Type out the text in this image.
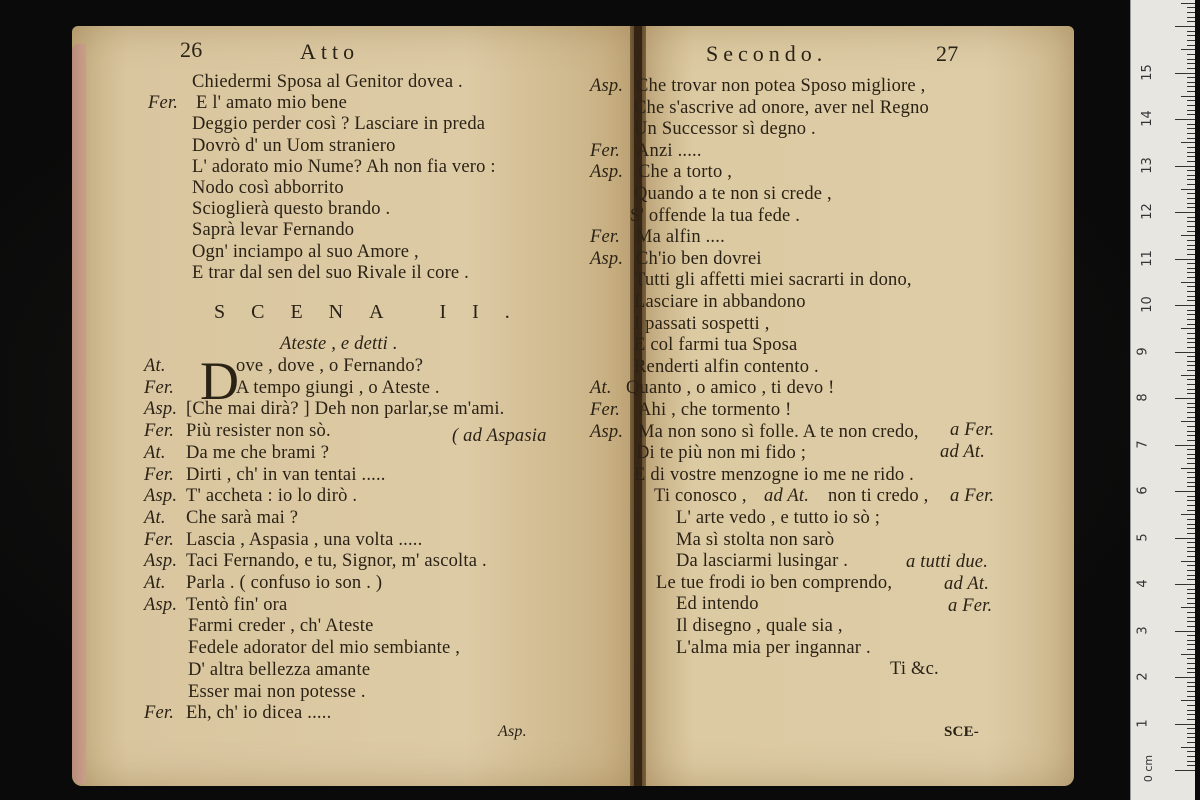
26	Atto
Chiedermi Sposa al Genitor dovea .
Fer. E l' amato mio bene
Deggio perder così ? Lasciare in preda
Dovrò d' un Uom straniero
L' adorato mio Nume? Ah non fia vero :
Nodo così abborrito
Scioglierà questo brando .
Saprà levar Fernando
Ogn' inciampo al suo Amore ,
E trar dal sen del suo Rivale il core .
SCENA II.
Ateste , e detti .
D
At.	ove , dove , o Fernando?
Fer.	A tempo giungi , o Ateste .
Asp. [Che mai dirà? ] Deh non parlar,se m'ami.
Fer. Più resister non sò.
At. Da me che brami ?
Fer. Dirti , ch' in van tentai .....
Asp. T' accheta : io lo dirò .
At. Che sarà mai ?
Fer. Lascia , Aspasia , una volta .....
Asp. Taci Fernando, e tu, Signor, m' ascolta .
At. Parla . ( confuso io son . )
Asp. Tentò fin' ora
Farmi creder , ch' Ateste
Fedele adorator del mio sembiante ,
D' altra bellezza amante
Esser mai non potesse .
Fer. Eh, ch' io dicea .....
( ad Aspasia
Asp.
Secondo.	27
Asp. Che trovar non potea Sposo migliore ,
Che s'ascrive ad onore, aver nel Regno
Un Successor sì degno .
Fer. Anzi .....
Asp. Che a torto ,
Quando a te non si crede ,
S' offende la tua fede .
Fer. Ma alfin ....
Asp. Ch'io ben dovrei
Tutti gli affetti miei sacrarti in dono,
Lasciare in abbandono
I passati sospetti ,
E col farmi tua Sposa
Renderti alfin contento .
At. Quanto , o amico , ti devo !
Fer. Ahi , che tormento !
Asp. Ma non sono sì folle. A te non credo,
Di te più non mi fido ;
E di vostre menzogne io me ne rido .
Ti conosco ,
L' arte vedo , e tutto io sò ;
Ma sì stolta non sarò
Da lasciarmi lusingar .
Le tue frodi io ben comprendo,
Ed intendo
Il disegno , quale sia ,
L'alma mia per ingannar .
Ti &c.
a Fer.
ad At.
ad At. non ti credo , a Fer.
a tutti due.
ad At.
a Fer.
SCE-
1
2
3
4
5
6
7
8
9
10
11
12
13
14
15
0 cm
